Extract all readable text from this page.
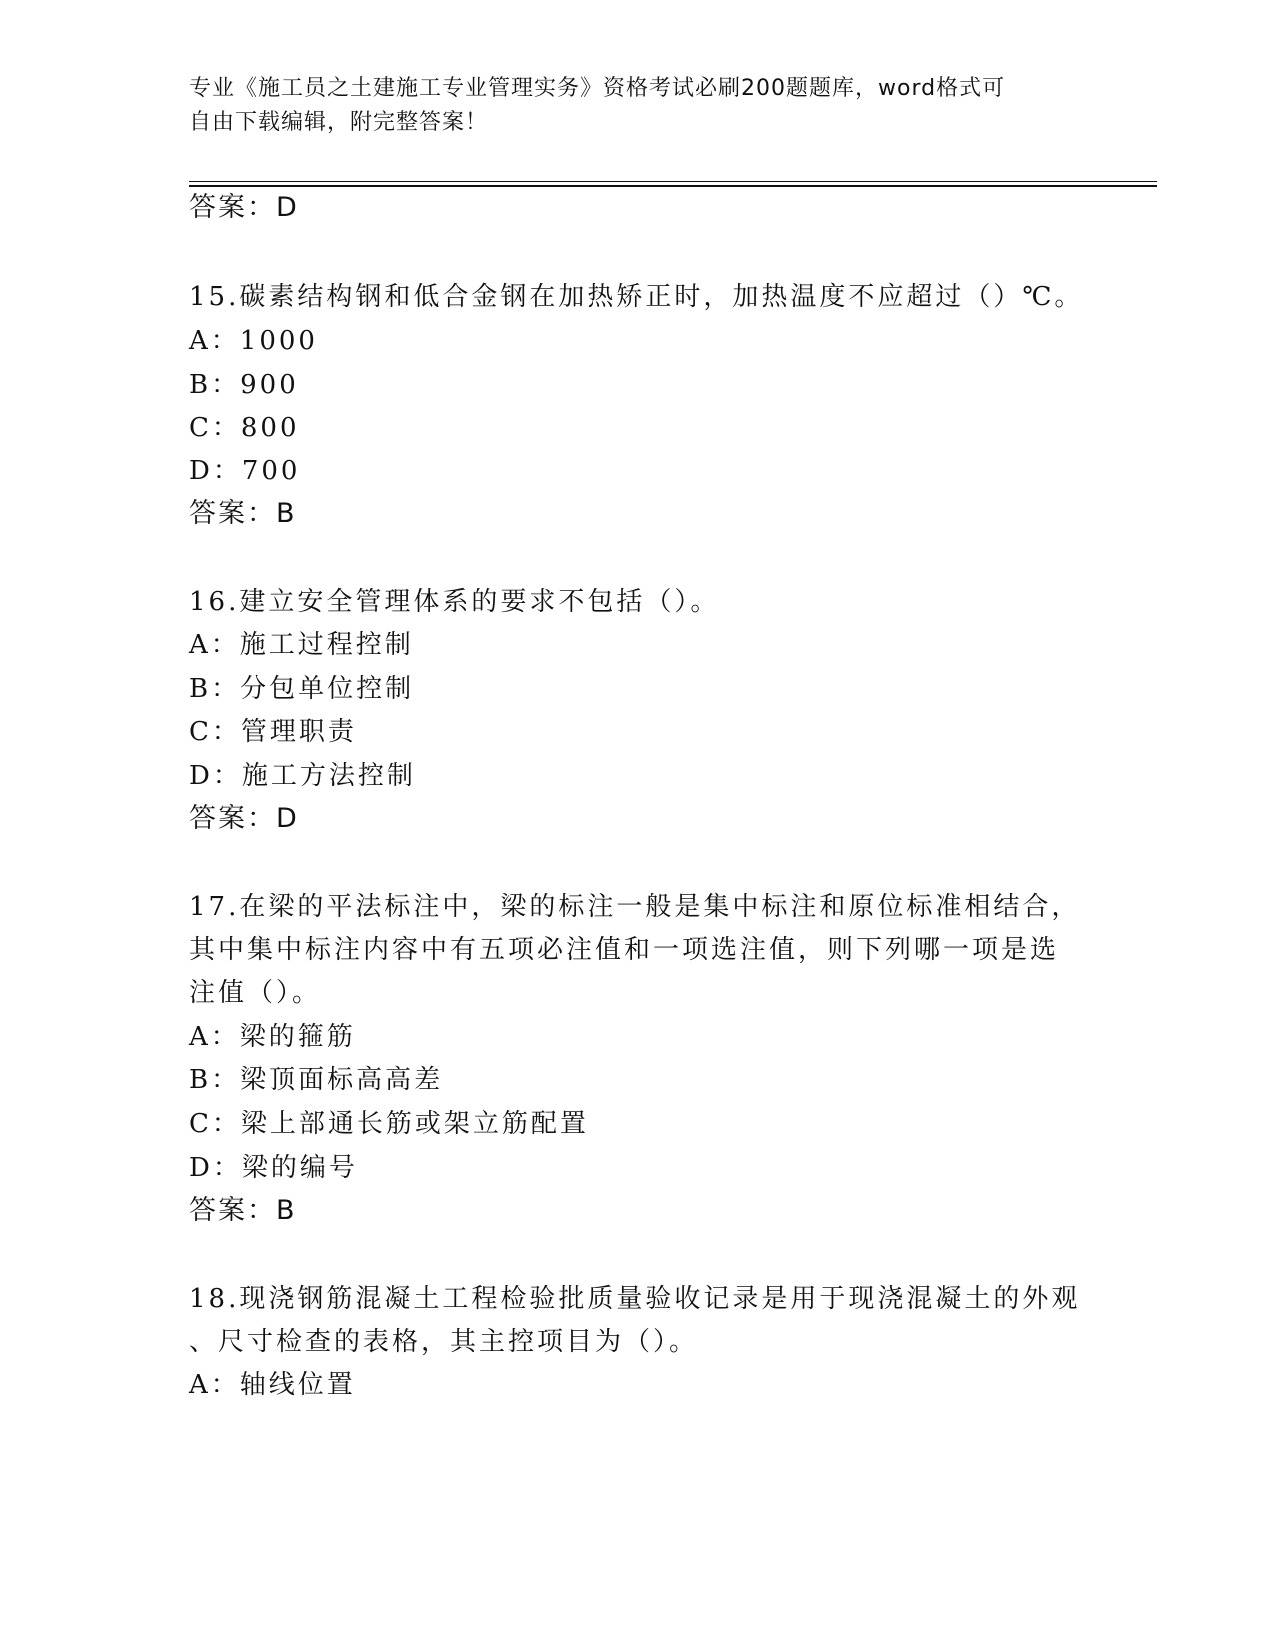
专业《施工员之土建施工专业管理实务》资格考试必刷200题题库，word格式可
自由下载编辑，附完整答案！
答案：D
15.碳素结构钢和低合金钢在加热矫正时，加热温度不应超过（）℃。
A：1000
B：900
C：800
D：700
答案：B
16.建立安全管理体系的要求不包括（）。
A：施工过程控制
B：分包单位控制
C：管理职责
D：施工方法控制
答案：D
17.在梁的平法标注中，梁的标注一般是集中标注和原位标准相结合，
其中集中标注内容中有五项必注值和一项选注值，则下列哪一项是选
注值（）。
A：梁的箍筋
B：梁顶面标高高差
C：梁上部通长筋或架立筋配置
D：梁的编号
答案：B
18.现浇钢筋混凝土工程检验批质量验收记录是用于现浇混凝土的外观
、尺寸检查的表格，其主控项目为（）。
A：轴线位置
